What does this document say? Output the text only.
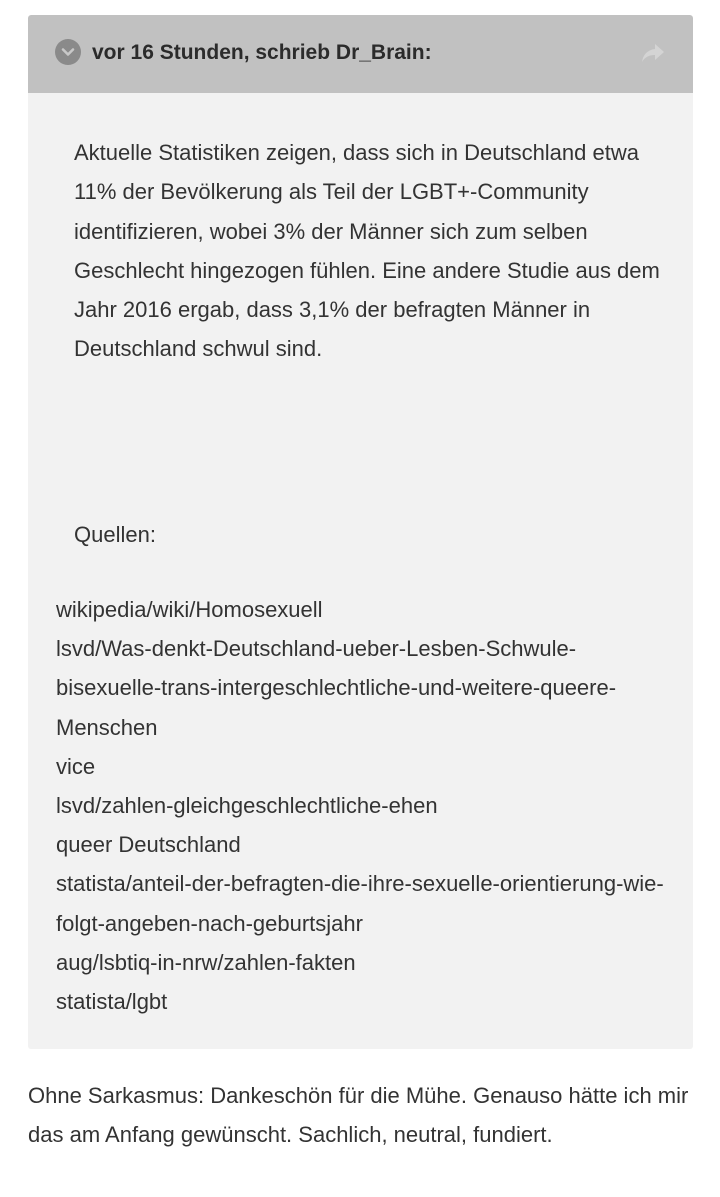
vor 16 Stunden, schrieb Dr_Brain:

Aktuelle Statistiken zeigen, dass sich in Deutschland etwa 11% der Bevölkerung als Teil der LGBT+-Community identifizieren, wobei 3% der Männer sich zum selben Geschlecht hingezogen fühlen. Eine andere Studie aus dem Jahr 2016 ergab, dass 3,1% der befragten Männer in Deutschland schwul sind.

Quellen:

wikipedia/wiki/Homosexuell
lsvd/Was-denkt-Deutschland-ueber-Lesben-Schwule-bisexuelle-trans-intergeschlechtliche-und-weitere-queere-Menschen
vice
lsvd/zahlen-gleichgeschlechtliche-ehen
queer Deutschland
statista/anteil-der-befragten-die-ihre-sexuelle-orientierung-wie-folgt-angeben-nach-geburtsjahr
aug/lsbtiq-in-nrw/zahlen-fakten
statista/lgbt

Ohne Sarkasmus: Dankeschön für die Mühe. Genauso hätte ich mir das am Anfang gewünscht. Sachlich, neutral, fundiert.
